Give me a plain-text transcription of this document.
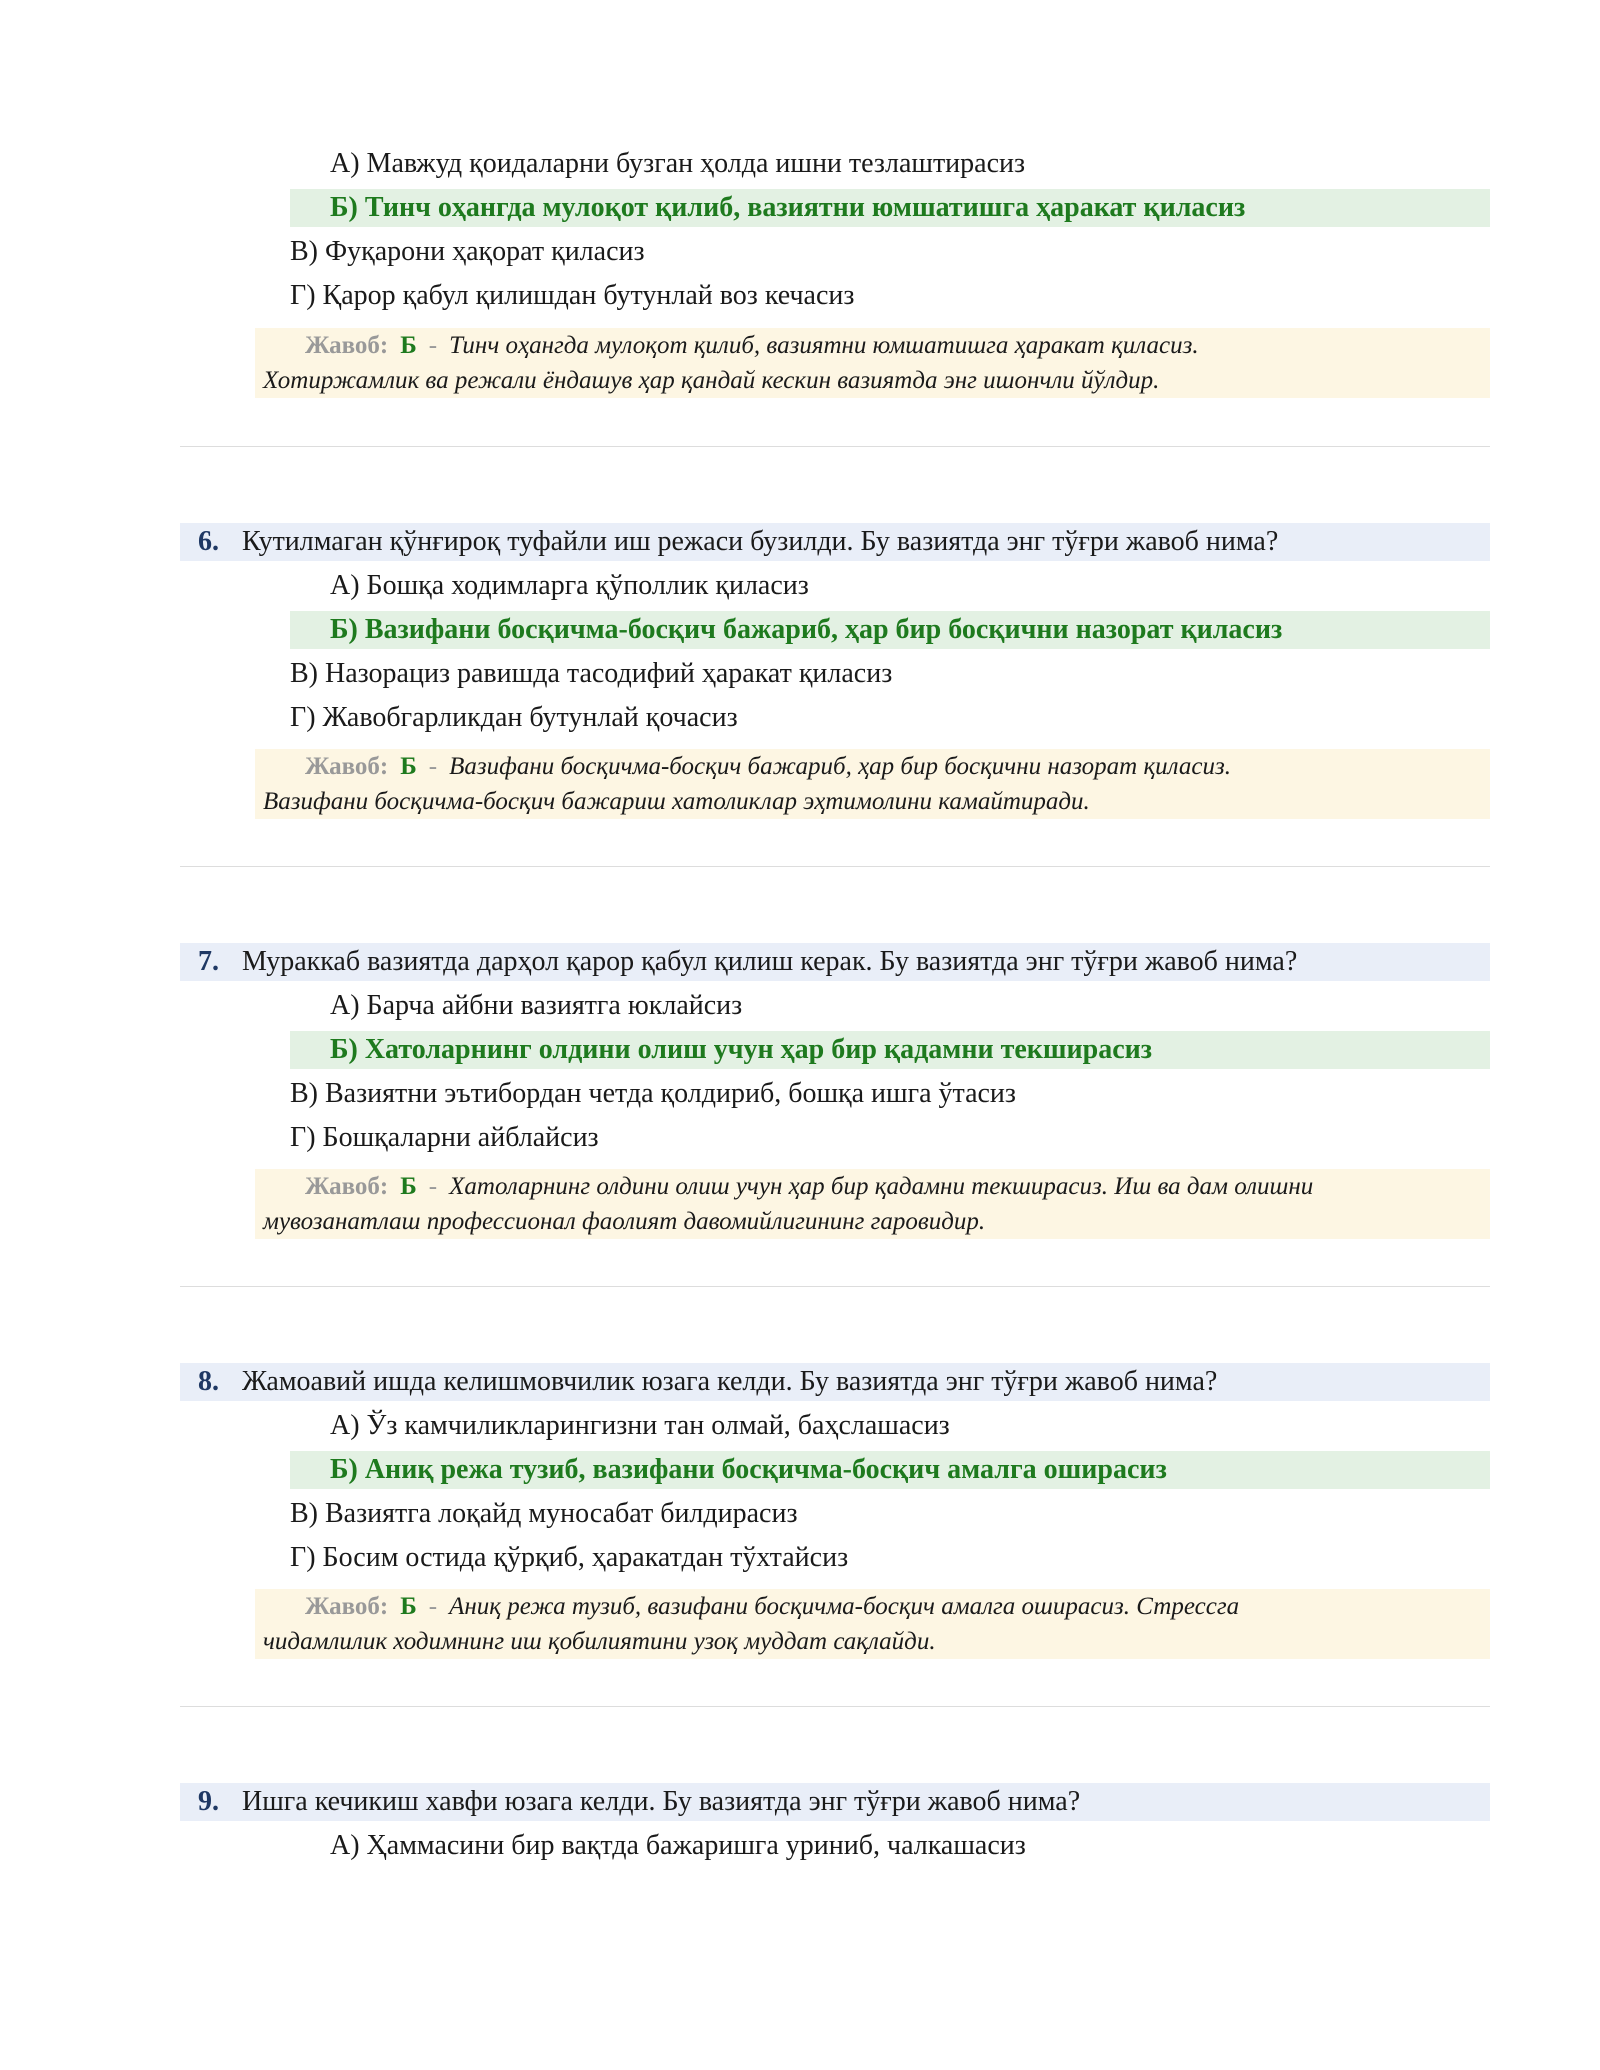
А) Мавжуд қоидаларни бузган ҳолда ишни тезлаштирасиз
Б) Тинч оҳангда мулоқот қилиб, вазиятни юмшатишга ҳаракат қиласиз
В) Фуқарони ҳақорат қиласиз
Г) Қарор қабул қилишдан бутунлай воз кечасиз
Жавоб: Б - Тинч оҳангда мулоқот қилиб, вазиятни юмшатишга ҳаракат қиласиз.
Хотиржамлик ва режали ёндашув ҳар қандай кескин вазиятда энг ишончли йўлдир.
6. Кутилмаган қўнғироқ туфайли иш режаси бузилди. Бу вазиятда энг тўғри жавоб нима?
А) Бошқа ходимларга қўполлик қиласиз
Б) Вазифани босқичма-босқич бажариб, ҳар бир босқични назорат қиласиз
В) Назорациз равишда тасодифий ҳаракат қиласиз
Г) Жавобгарликдан бутунлай қочасиз
Жавоб: Б - Вазифани босқичма-босқич бажариб, ҳар бир босқични назорат қиласиз.
Вазифани босқичма-босқич бажариш хатоликлар эҳтимолини камайтиради.
7. Мураккаб вазиятда дарҳол қарор қабул қилиш керак. Бу вазиятда энг тўғри жавоб нима?
А) Барча айбни вазиятга юклайсиз
Б) Хатоларнинг олдини олиш учун ҳар бир қадамни текширасиз
В) Вазиятни эътибордан четда қолдириб, бошқа ишга ўтасиз
Г) Бошқаларни айблайсиз
Жавоб: Б - Хатоларнинг олдини олиш учун ҳар бир қадамни текширасиз. Иш ва дам олишни
мувозанатлаш профессионал фаолият давомийлигининг гаровидир.
8. Жамоавий ишда келишмовчилик юзага келди. Бу вазиятда энг тўғри жавоб нима?
А) Ўз камчиликларингизни тан олмай, баҳслашасиз
Б) Аниқ режа тузиб, вазифани босқичма-босқич амалга оширасиз
В) Вазиятга лоқайд муносабат билдирасиз
Г) Босим остида қўрқиб, ҳаракатдан тўхтайсиз
Жавоб: Б - Аниқ режа тузиб, вазифани босқичма-босқич амалга оширасиз. Стрессга
чидамлилик ходимнинг иш қобилиятини узоқ муддат сақлайди.
9. Ишга кечикиш хавфи юзага келди. Бу вазиятда энг тўғри жавоб нима?
А) Ҳаммасини бир вақтда бажаришга уриниб, чалкашасиз
